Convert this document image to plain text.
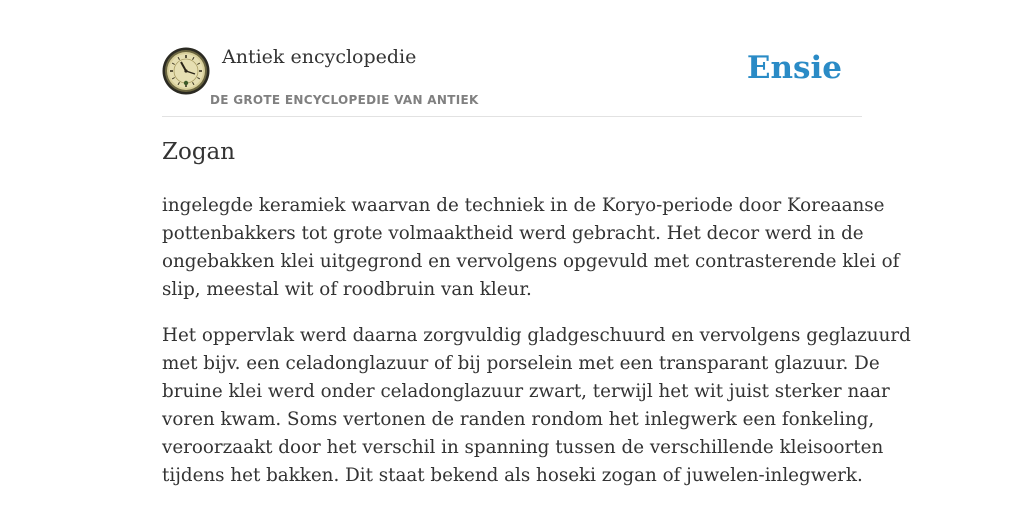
Antiek encyclopedie
DE GROTE ENCYCLOPEDIE VAN ANTIEK
Ensie
Zogan

ingelegde keramiek waarvan de techniek in de Koryo-periode door Koreaanse
pottenbakkers tot grote volmaaktheid werd gebracht. Het decor werd in de
ongebakken klei uitgegrond en vervolgens opgevuld met contrasterende klei of
slip, meestal wit of roodbruin van kleur.

Het oppervlak werd daarna zorgvuldig gladgeschuurd en vervolgens geglazuurd
met bijv. een celadonglazuur of bij porselein met een transparant glazuur. De
bruine klei werd onder celadonglazuur zwart, terwijl het wit juist sterker naar
voren kwam. Soms vertonen de randen rondom het inlegwerk een fonkeling,
veroorzaakt door het verschil in spanning tussen de verschillende kleisoorten
tijdens het bakken. Dit staat bekend als hoseki zogan of juwelen-inlegwerk.
